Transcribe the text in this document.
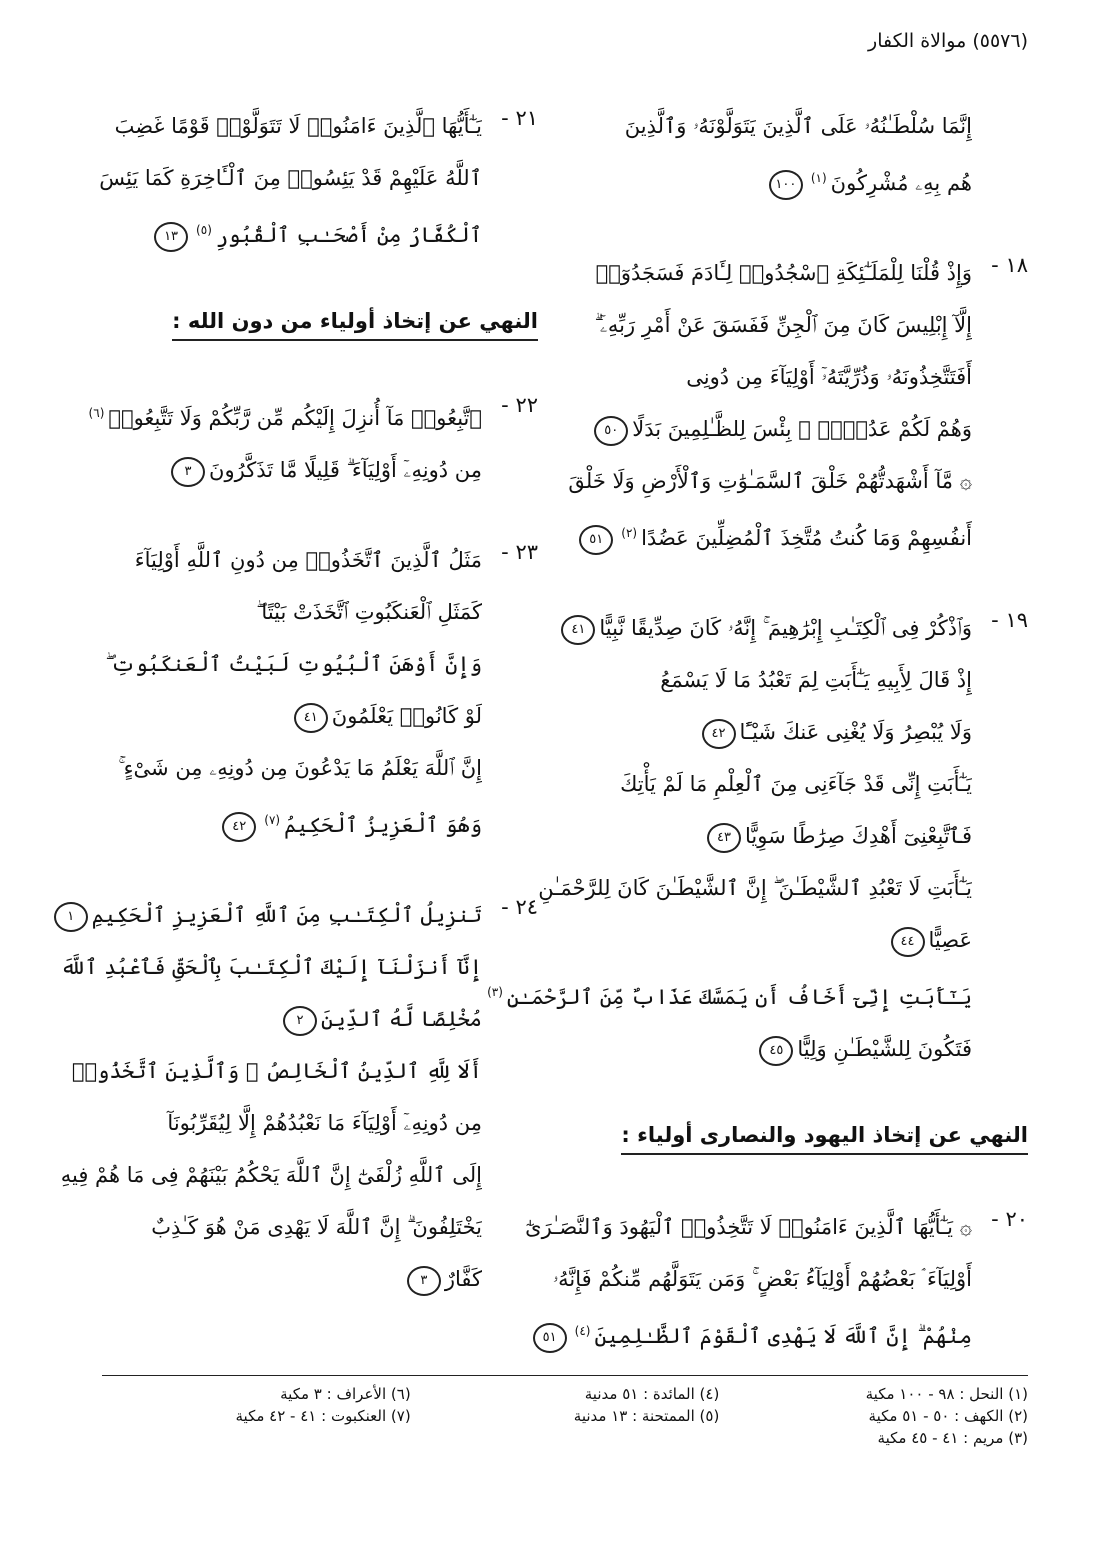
(٥٥٧٦) موالاة الكفار
إِنَّمَا سُلْطَـٰنُهُۥ عَلَى ٱلَّذِينَ يَتَوَلَّوْنَهُۥ وَٱلَّذِينَ
هُم بِهِۦ مُشْرِكُونَ$^{(١)}$١٠٠
١٨ -
وَإِذْ قُلْنَا لِلْمَلَـٰٓئِكَةِ ٱسْجُدُوا۟ لِـَٔادَمَ فَسَجَدُوٓا۟
إِلَّآ إِبْلِيسَ كَانَ مِنَ ٱلْجِنِّ فَفَسَقَ عَنْ أَمْرِ رَبِّهِۦٓ ۗ
أَفَتَتَّخِذُونَهُۥ وَذُرِّيَّتَهُۥٓ أَوْلِيَآءَ مِن دُونِى
وَهُمْ لَكُمْ عَدُوٌّۢ ۚ بِئْسَ لِلظَّـٰلِمِينَ بَدَلًا٥٠
۞ مَّآ أَشْهَدتُّهُمْ خَلْقَ ٱلسَّمَـٰوَٰتِ وَٱلْأَرْضِ وَلَا خَلْقَ
أَنفُسِهِمْ وَمَا كُنتُ مُتَّخِذَ ٱلْمُضِلِّينَ عَضُدًا$^{(٢)}$٥١
١٩ -
وَٱذْكُرْ فِى ٱلْكِتَـٰبِ إِبْرَٰهِيمَ ۚ إِنَّهُۥ كَانَ صِدِّيقًا نَّبِيًّا٤١
إِذْ قَالَ لِأَبِيهِ يَـٰٓأَبَتِ لِمَ تَعْبُدُ مَا لَا يَسْمَعُ
وَلَا يُبْصِرُ وَلَا يُغْنِى عَنكَ شَيْـًٔا٤٢
يَـٰٓأَبَتِ إِنِّى قَدْ جَآءَنِى مِنَ ٱلْعِلْمِ مَا لَمْ يَأْتِكَ
فَٱتَّبِعْنِىٓ أَهْدِكَ صِرَٰطًا سَوِيًّا٤٣
يَـٰٓأَبَتِ لَا تَعْبُدِ ٱلشَّيْطَـٰنَ ۖ إِنَّ ٱلشَّيْطَـٰنَ كَانَ لِلرَّحْمَـٰنِ
عَصِيًّا٤٤
يَـٰٓأَبَتِ إِنِّىٓ أَخَافُ أَن يَمَسَّكَ عَذَابٌ مِّنَ ٱلرَّحْمَـٰنِ$^{(٣)}$
فَتَكُونَ لِلشَّيْطَـٰنِ وَلِيًّا٤٥
النهي عن إتخاذ اليهود والنصارى أولياء :
٢٠ -
۞ يَـٰٓأَيُّهَا ٱلَّذِينَ ءَامَنُوا۟ لَا تَتَّخِذُوا۟ ٱلْيَهُودَ وَٱلنَّصَـٰرَىٰٓ
أَوْلِيَآءَ ۘ بَعْضُهُمْ أَوْلِيَآءُ بَعْضٍ ۚ وَمَن يَتَوَلَّهُم مِّنكُمْ فَإِنَّهُۥ
مِنْهُمْ ۗ إِنَّ ٱللَّهَ لَا يَهْدِى ٱلْقَوْمَ ٱلظَّـٰلِمِينَ$^{(٤)}$٥١
٢١ -
يَـٰٓأَيُّهَا ٱلَّذِينَ ءَامَنُوا۟ لَا تَتَوَلَّوْا۟ قَوْمًا غَضِبَ
ٱللَّهُ عَلَيْهِمْ قَدْ يَئِسُوا۟ مِنَ ٱلْـَٔاخِرَةِ كَمَا يَئِسَ
ٱلْكُفَّارُ مِنْ أَصْحَـٰبِ ٱلْقُبُورِ$^{(٥)}$١٣
النهي عن إتخاذ أولياء من دون الله :
٢٢ -
ٱتَّبِعُوا۟ مَآ أُنزِلَ إِلَيْكُم مِّن رَّبِّكُمْ وَلَا تَتَّبِعُوا۟$^{(٦)}$
مِن دُونِهِۦٓ أَوْلِيَآءَ ۗ قَلِيلًا مَّا تَذَكَّرُونَ٣
٢٣ -
مَثَلُ ٱلَّذِينَ ٱتَّخَذُوا۟ مِن دُونِ ٱللَّهِ أَوْلِيَآءَ
كَمَثَلِ ٱلْعَنكَبُوتِ ٱتَّخَذَتْ بَيْتًا ۖ
وَإِنَّ أَوْهَنَ ٱلْبُيُوتِ لَبَيْتُ ٱلْعَنكَبُوتِ ۖ
لَوْ كَانُوا۟ يَعْلَمُونَ٤١
إِنَّ ٱللَّهَ يَعْلَمُ مَا يَدْعُونَ مِن دُونِهِۦ مِن شَىْءٍ ۚ
وَهُوَ ٱلْعَزِيزُ ٱلْحَكِيمُ$^{(٧)}$٤٢
٢٤ -
تَنزِيلُ ٱلْكِتَـٰبِ مِنَ ٱللَّهِ ٱلْعَزِيزِ ٱلْحَكِيمِ١
إِنَّآ أَنزَلْنَآ إِلَيْكَ ٱلْكِتَـٰبَ بِٱلْحَقِّ فَٱعْبُدِ ٱللَّهَ
مُخْلِصًا لَّهُ ٱلدِّينَ٢
أَلَا لِلَّهِ ٱلدِّينُ ٱلْخَالِصُ ۚ وَٱلَّذِينَ ٱتَّخَذُوا۟
مِن دُونِهِۦٓ أَوْلِيَآءَ مَا نَعْبُدُهُمْ إِلَّا لِيُقَرِّبُونَآ
إِلَى ٱللَّهِ زُلْفَىٰٓ إِنَّ ٱللَّهَ يَحْكُمُ بَيْنَهُمْ فِى مَا هُمْ فِيهِ
يَخْتَلِفُونَ ۗ إِنَّ ٱللَّهَ لَا يَهْدِى مَنْ هُوَ كَـٰذِبٌ
كَفَّارٌ٣
(١) النحل : ٩٨ - ١٠٠ مكية
(٤) المائدة : ٥١ مدنية
(٦) الأعراف : ٣ مكية
(٢) الكهف : ٥٠ - ٥١ مكية
(٥) الممتحنة : ١٣ مدنية
(٧) العنكبوت : ٤١ - ٤٢ مكية
(٣) مريم : ٤١ - ٤٥ مكية
